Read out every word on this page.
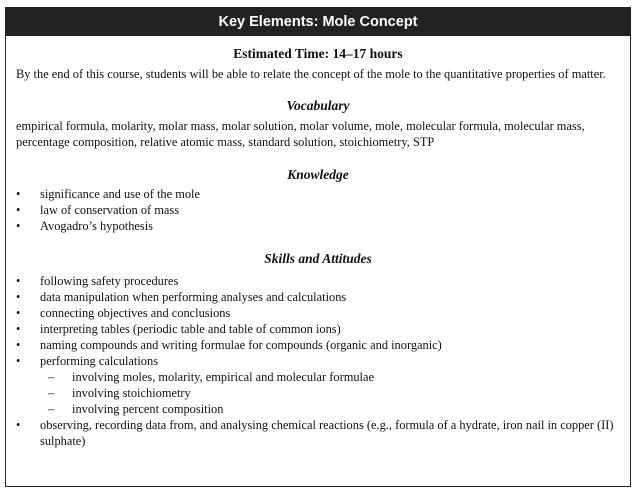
Key Elements: Mole Concept
Estimated Time: 14–17 hours

By the end of this course, students will be able to relate the concept of the mole to the quantitative properties of matter.

Vocabulary

empirical formula, molarity, molar mass, molar solution, molar volume, mole, molecular formula, molecular mass, percentage composition, relative atomic mass, standard solution, stoichiometry, STP

Knowledge
• significance and use of the mole
• law of conservation of mass
• Avogadro’s hypothesis
Skills and Attitudes
• following safety procedures
• data manipulation when performing analyses and calculations
• connecting objectives and conclusions
• interpreting tables (periodic table and table of common ions)
• naming compounds and writing formulae for compounds (organic and inorganic)
• performing calculations
– involving moles, molarity, empirical and molecular formulae
– involving stoichiometry
– involving percent composition
• observing, recording data from, and analysing chemical reactions (e.g., formula of a hydrate, iron nail in copper (II) sulphate)
